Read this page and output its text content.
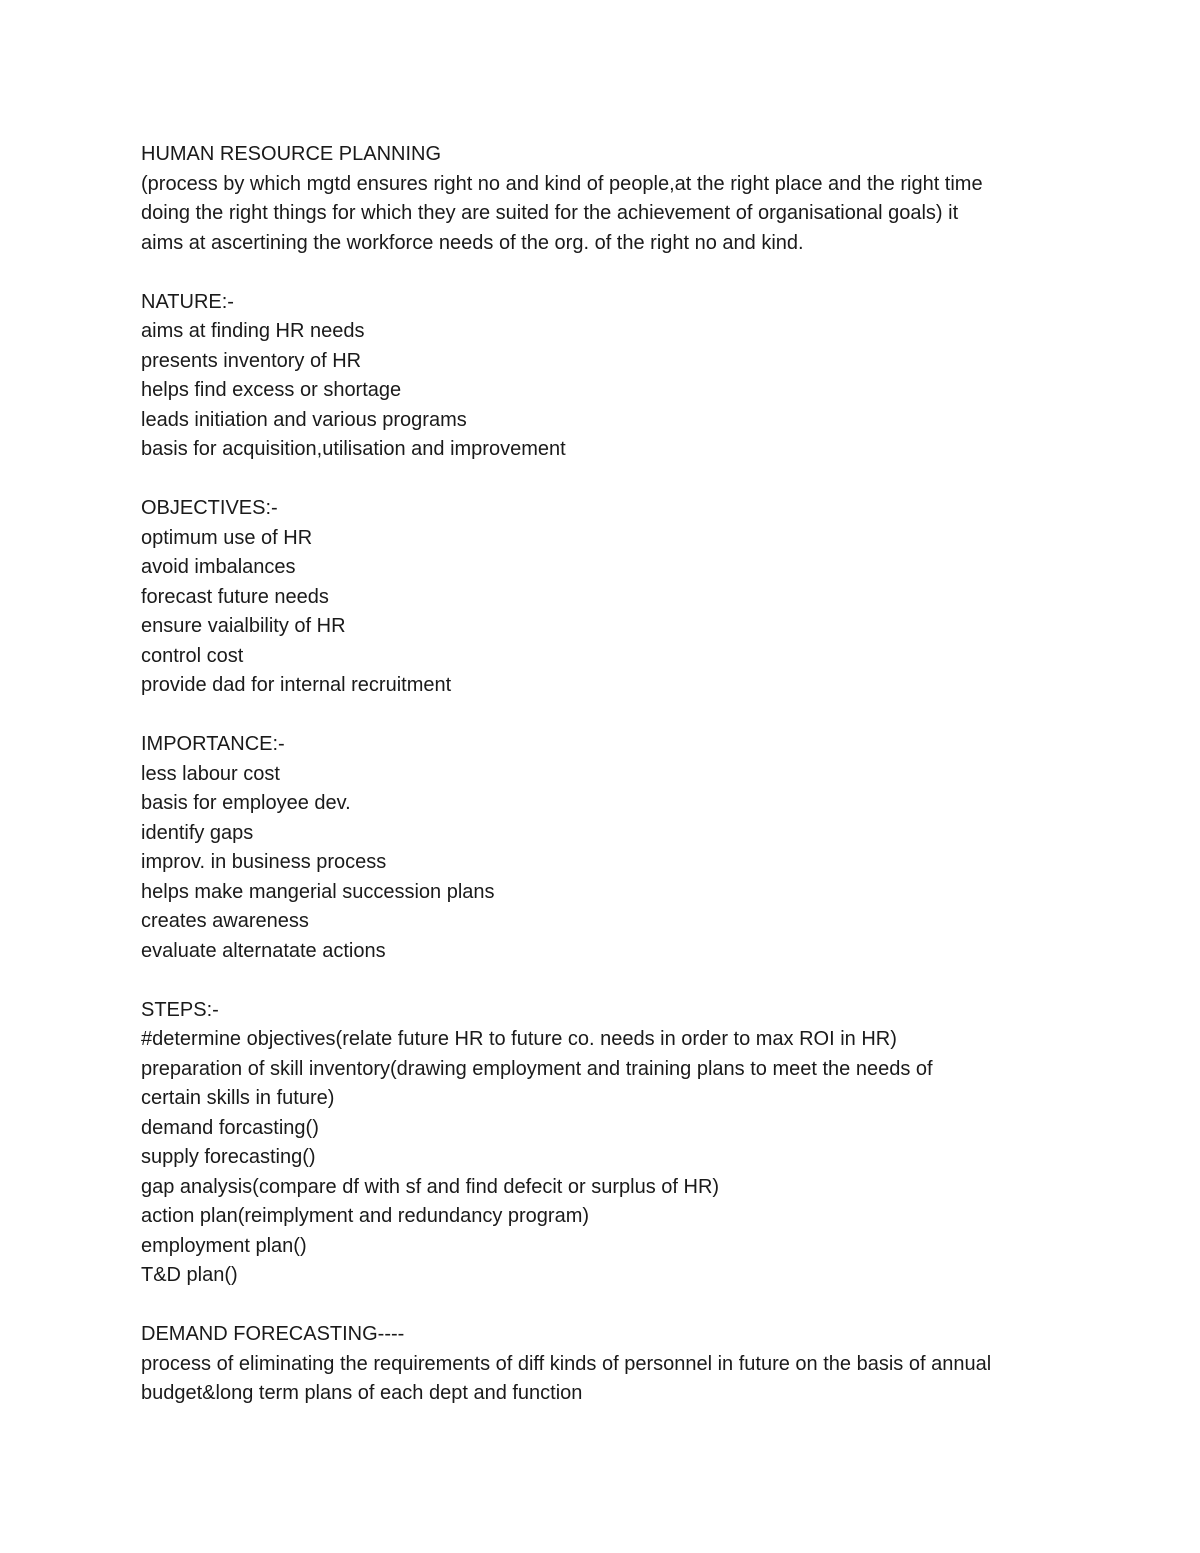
HUMAN RESOURCE PLANNING
(process by which mgtd ensures right no and kind of people,at the right place and the right time
doing the right things for which they are suited for the achievement of organisational goals) it
aims at ascertining the workforce needs of the org. of the right no and kind.
NATURE:-
aims at finding HR needs
presents inventory of HR
helps find excess or shortage
leads initiation and various programs
basis for acquisition,utilisation and improvement
OBJECTIVES:-
optimum use of HR
avoid imbalances
forecast future needs
ensure vaialbility of HR
control cost
provide dad for internal recruitment
IMPORTANCE:-
less labour cost
basis for employee dev.
identify gaps
improv. in business process
helps make mangerial succession plans
creates awareness
evaluate alternatate actions
STEPS:-
#determine objectives(relate future HR to future co. needs in order to max ROI in HR)
preparation of skill inventory(drawing employment and training plans to meet the needs of
certain skills in future)
demand forcasting()
supply forecasting()
gap analysis(compare df with sf and find defecit or surplus of HR)
action plan(reimplyment and redundancy program)
employment plan()
T&D plan()
DEMAND FORECASTING----
process of eliminating the requirements of diff kinds of personnel in future on the basis of annual
budget&long term plans of each dept and function
